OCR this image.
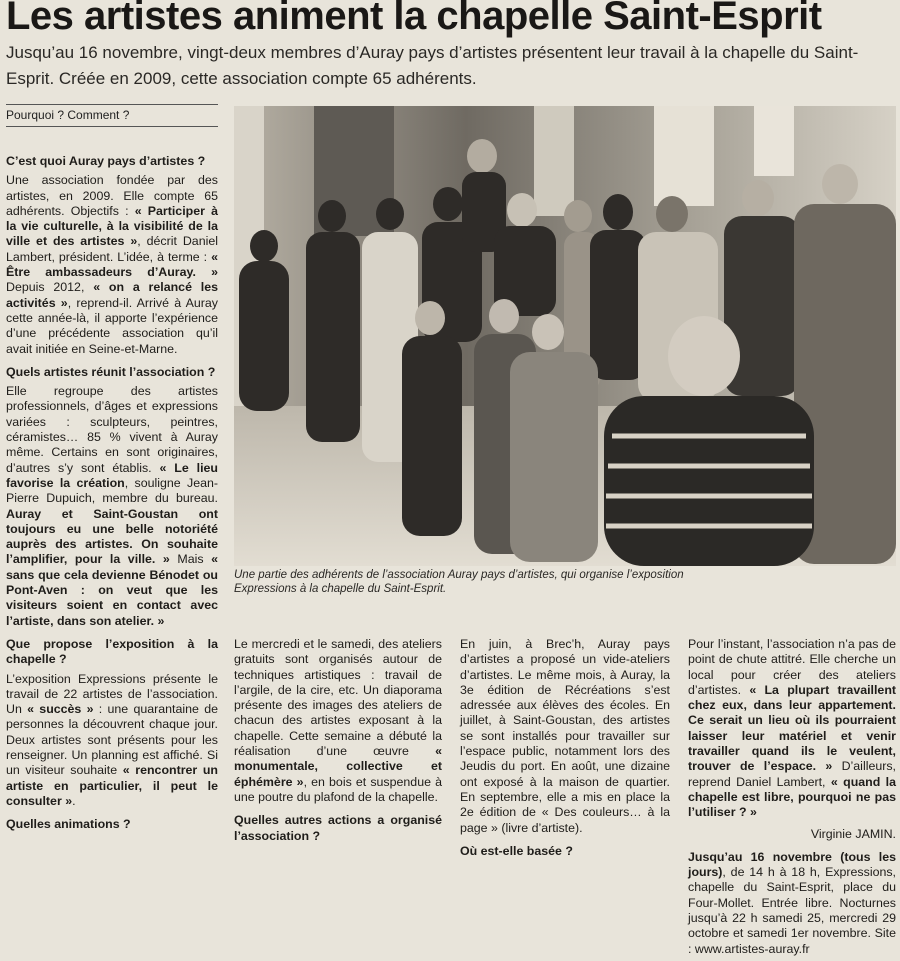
Les artistes animent la chapelle Saint-Esprit
Jusqu’au 16 novembre, vingt-deux membres d’Auray pays d’artistes présentent leur travail à la chapelle du Saint-Esprit. Créée en 2009, cette association compte 65 adhérents.
Pourquoi ? Comment ?

C’est quoi Auray pays d’artistes ?

Une association fondée par des artistes, en 2009. Elle compte 65 adhérents. Objectifs : « Participer à la vie culturelle, à la visibilité de la ville et des artistes », décrit Daniel Lambert, président. L’idée, à terme : « Être ambassadeurs d’Auray. » Depuis 2012, « on a relancé les activités », reprend-il. Arrivé à Auray cette année-là, il apporte l’expérience d’une précédente association qu’il avait initiée en Seine-et-Marne.

Quels artistes réunit l’association ?

Elle regroupe des artistes professionnels, d’âges et expressions variées : sculpteurs, peintres, céramistes… 85 % vivent à Auray même. Certains en sont originaires, d’autres s’y sont établis. « Le lieu favorise la création, souligne Jean-Pierre Dupuich, membre du bureau. Auray et Saint-Goustan ont toujours eu une belle notoriété auprès des artistes. On souhaite l’amplifier, pour la ville. » Mais « sans que cela devienne Bénodet ou Pont-Aven : on veut que les visiteurs soient en contact avec l’artiste, dans son atelier. »

Que propose l’exposition à la chapelle ?

L’exposition Expressions présente le travail de 22 artistes de l’association. Un « succès » : une quarantaine de personnes la découvrent chaque jour. Deux artistes sont présents pour les renseigner. Un planning est affiché. Si un visiteur souhaite « rencontrer un artiste en particulier, il peut le consulter ».

Quelles animations ?

Une partie des adhérents de l’association Auray pays d’artistes, qui organise l’exposition Expressions à la chapelle du Saint-Esprit.

Le mercredi et le samedi, des ateliers gratuits sont organisés autour de techniques artistiques : travail de l’argile, de la cire, etc. Un diaporama présente des images des ateliers de chacun des artistes exposant à la chapelle. Cette semaine a débuté la réalisation d’une œuvre « monumentale, collective et éphémère », en bois et suspendue à une poutre du plafond de la chapelle.

Quelles autres actions a organisé l’association ?

En juin, à Brec’h, Auray pays d’artistes a proposé un vide-ateliers d’artistes. Le même mois, à Auray, la 3e édition de Récréations s’est adressée aux élèves des écoles. En juillet, à Saint-Goustan, des artistes se sont installés pour travailler sur l’espace public, notamment lors des Jeudis du port. En août, une dizaine ont exposé à la maison de quartier. En septembre, elle a mis en place la 2e édition de « Des couleurs… à la page » (livre d’artiste).

Où est-elle basée ?

Pour l’instant, l’association n’a pas de point de chute attitré. Elle cherche un local pour créer des ateliers d’artistes. « La plupart travaillent chez eux, dans leur appartement. Ce serait un lieu où ils pourraient laisser leur matériel et venir travailler quand ils le veulent, trouver de l’espace. » D’ailleurs, reprend Daniel Lambert, « quand la chapelle est libre, pourquoi ne pas l’utiliser ? »

Virginie JAMIN.

Jusqu’au 16 novembre (tous les jours), de 14 h à 18 h, Expressions, chapelle du Saint-Esprit, place du Four-Mollet. Entrée libre. Nocturnes jusqu’à 22 h samedi 25, mercredi 29 octobre et samedi 1er novembre. Site : www.artistes-auray.fr
